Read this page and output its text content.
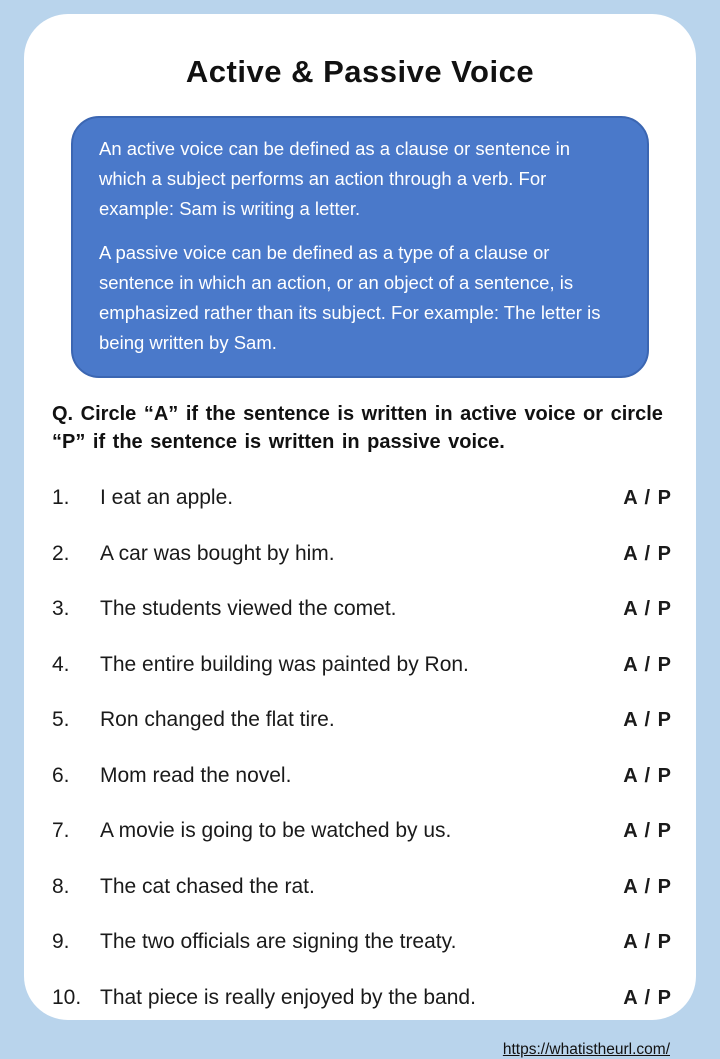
Active & Passive Voice

An active voice can be defined as a clause or sentence in which a subject performs an action through a verb. For example: Sam is writing a letter.

A passive voice can be defined as a type of a clause or sentence in which an action, or an object of a sentence, is emphasized rather than its subject. For example: The letter is being written by Sam.

Q. Circle “A” if the sentence is written in active voice or circle “P” if the sentence is written in passive voice.

1.	I eat an apple.	A / P
2.	A car was bought by him.	A / P
3.	The students viewed the comet.	A / P
4.	The entire building was painted by Ron.	A / P
5.	Ron changed the flat tire.	A / P
6.	Mom read the novel.	A / P
7.	A movie is going to be watched by us.	A / P
8.	The cat chased the rat.	A / P
9.	The two officials are signing the treaty.	A / P
10. That piece is really enjoyed by the band.	A / P
https://whatistheurl.com/
